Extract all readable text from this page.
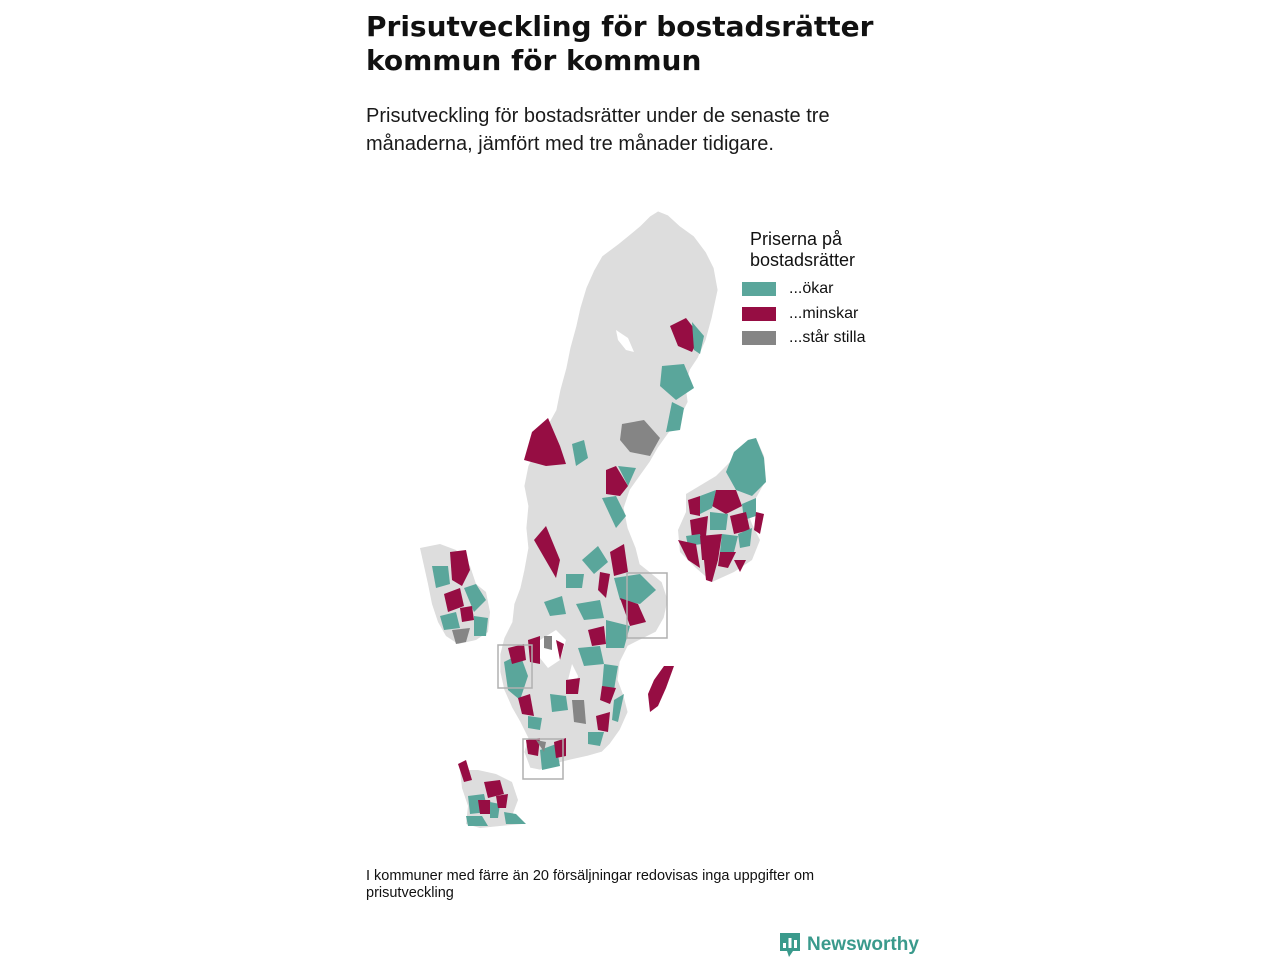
Prisutveckling för bostadsrätter
kommun för kommun

Prisutveckling för bostadsrätter under de senaste tre
månaderna, jämfört med tre månader tidigare.

Priserna på
bostadsrätter

...ökar
...minskar
...står stilla
I kommuner med färre än 20 försäljningar redovisas inga uppgifter om prisutveckling
Newsworthy
